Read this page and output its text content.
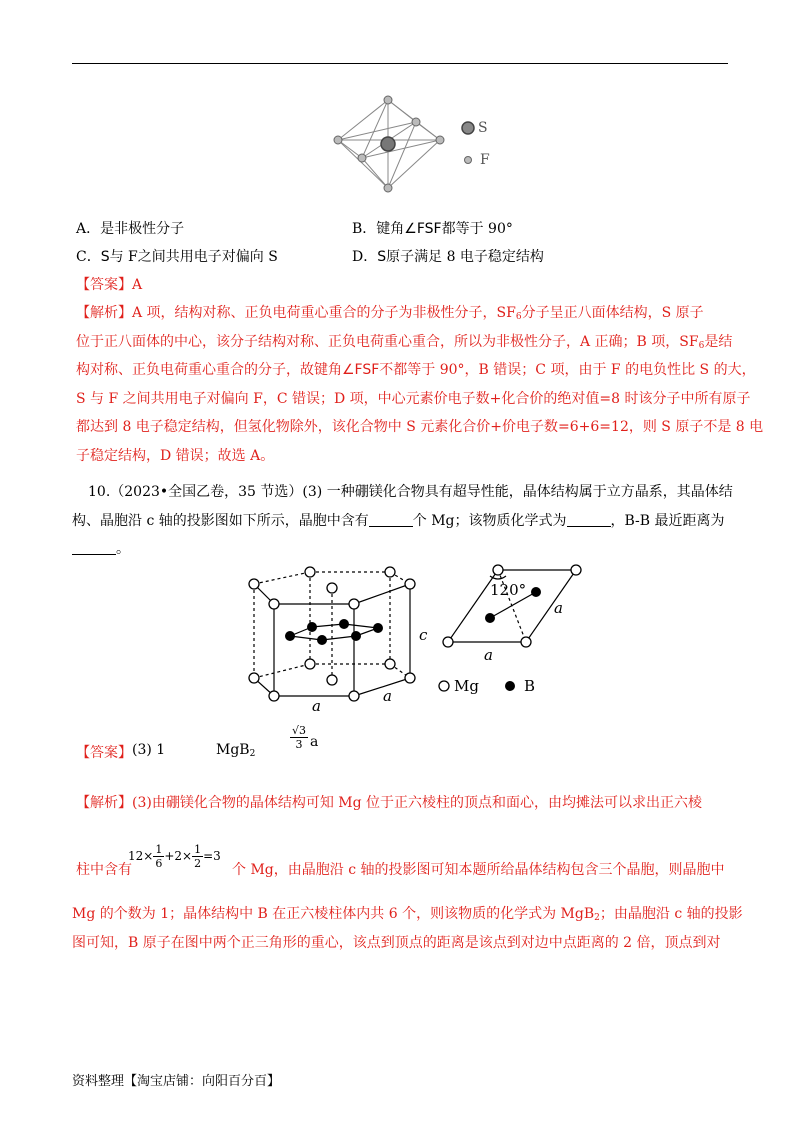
S
F
A．是非极性分子	B．键角∠FSF都等于 90°
C．S与 F之间共用电子对偏向 S	D．S原子满足 8 电子稳定结构
【答案】A
【解析】A 项，结构对称、正负电荷重心重合的分子为非极性分子，$SF_6$分子呈正八面体结构，S 原子
位于正八面体的中心，该分子结构对称、正负电荷重心重合，所以为非极性分子，A 正确；B 项，$SF_6$是结
构对称、正负电荷重心重合的分子，故键角∠FSF不都等于 90°，B 错误；C 项，由于 F 的电负性比 S 的大，
S 与 F 之间共用电子对偏向 F，C 错误；D 项，中心元素价电子数+化合价的绝对值=8 时该分子中所有原子
都达到 8 电子稳定结构，但氢化物除外，该化合物中 S 元素化合价+价电子数=6+6=12，则 S 原子不是 8 电
子稳定结构，D 错误；故选 A。
10.（2023•全国乙卷，35 节选）(3) 一种硼镁化合物具有超导性能，晶体结构属于立方晶系，其晶体结
构、晶胞沿 c 轴的投影图如下所示，晶胞中含有	个 Mg；该物质化学式为	，B-B 最近距离为
。
c
a
a
120°
a
a
Mg	B
【答案】 (3) 1	MgB$_2$
$\frac{√3}{3}$ a
【解析】(3)由硼镁化合物的晶体结构可知 Mg 位于正六棱柱的顶点和面心，由均摊法可以求出正六棱
柱中含有
$12\times \frac{1}{6} +2\times \frac{1}{2} =3$
个 Mg，由晶胞沿 c 轴的投影图可知本题所给晶体结构包含三个晶胞，则晶胞中
Mg 的个数为 1；晶体结构中 B 在正六棱柱体内共 6 个，则该物质的化学式为 MgB$_2$；由晶胞沿 c 轴的投影
图可知，B 原子在图中两个正三角形的重心，该点到顶点的距离是该点到对边中点距离的 2 倍，顶点到对
资料整理【淘宝店铺：向阳百分百】
